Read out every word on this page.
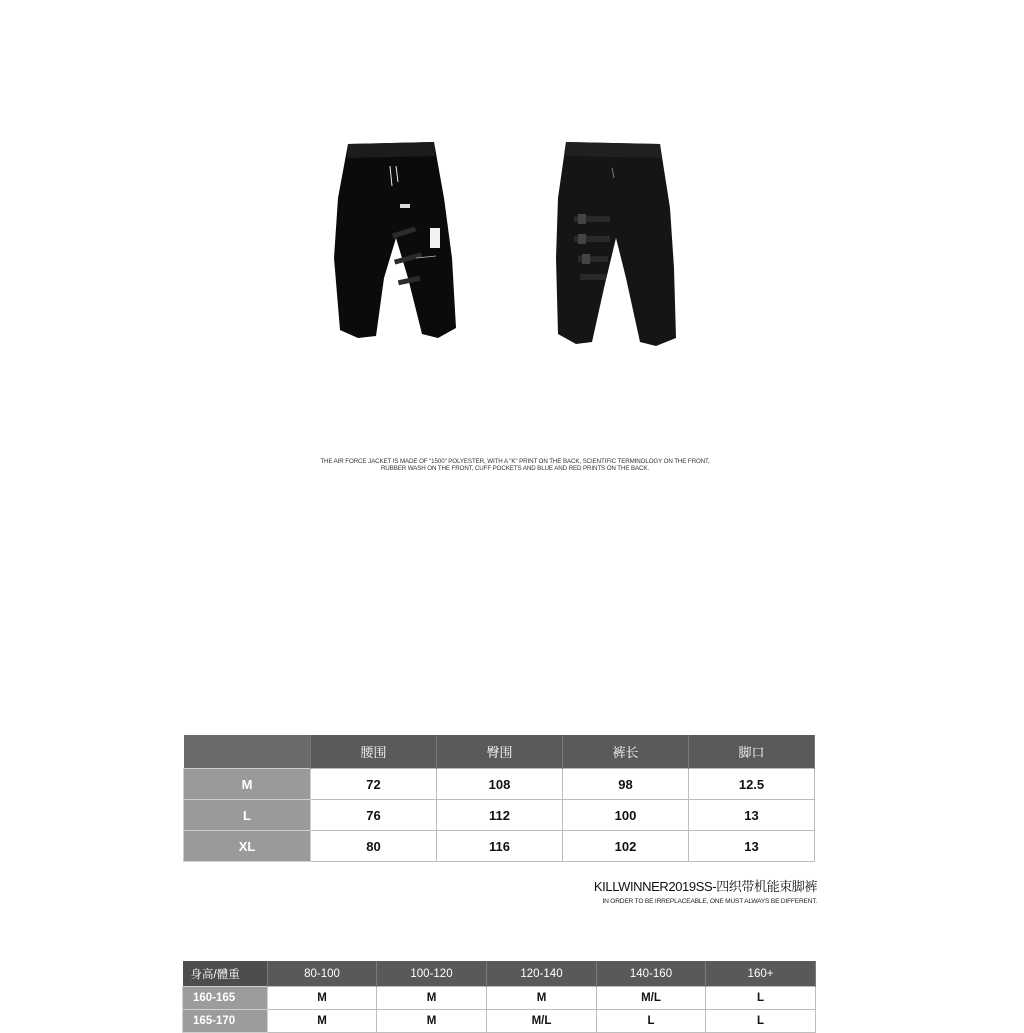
THE AIR FORCE JACKET IS MADE OF "1500" POLYESTER, WITH A "K" PRINT ON THE BACK, SCIENTIFIC TERMINOLOGY ON THE FRONT,
RUBBER WASH ON THE FRONT, CUFF POCKETS AND BLUE AND RED PRINTS ON THE BACK.
	腰围	臀围	裤长	脚口
M	72	108	98	12.5
L	76	112	100	13
XL	80	116	102	13
KILLWINNER2019SS-四织带机能束脚裤
IN ORDER TO BE IRREPLACEABLE, ONE MUST ALWAYS BE DIFFERENT.
身高/體重	80-100	100-120	120-140	140-160	160+
160-165	M	M	M	M/L	L
165-170	M	M	M/L	L	L
